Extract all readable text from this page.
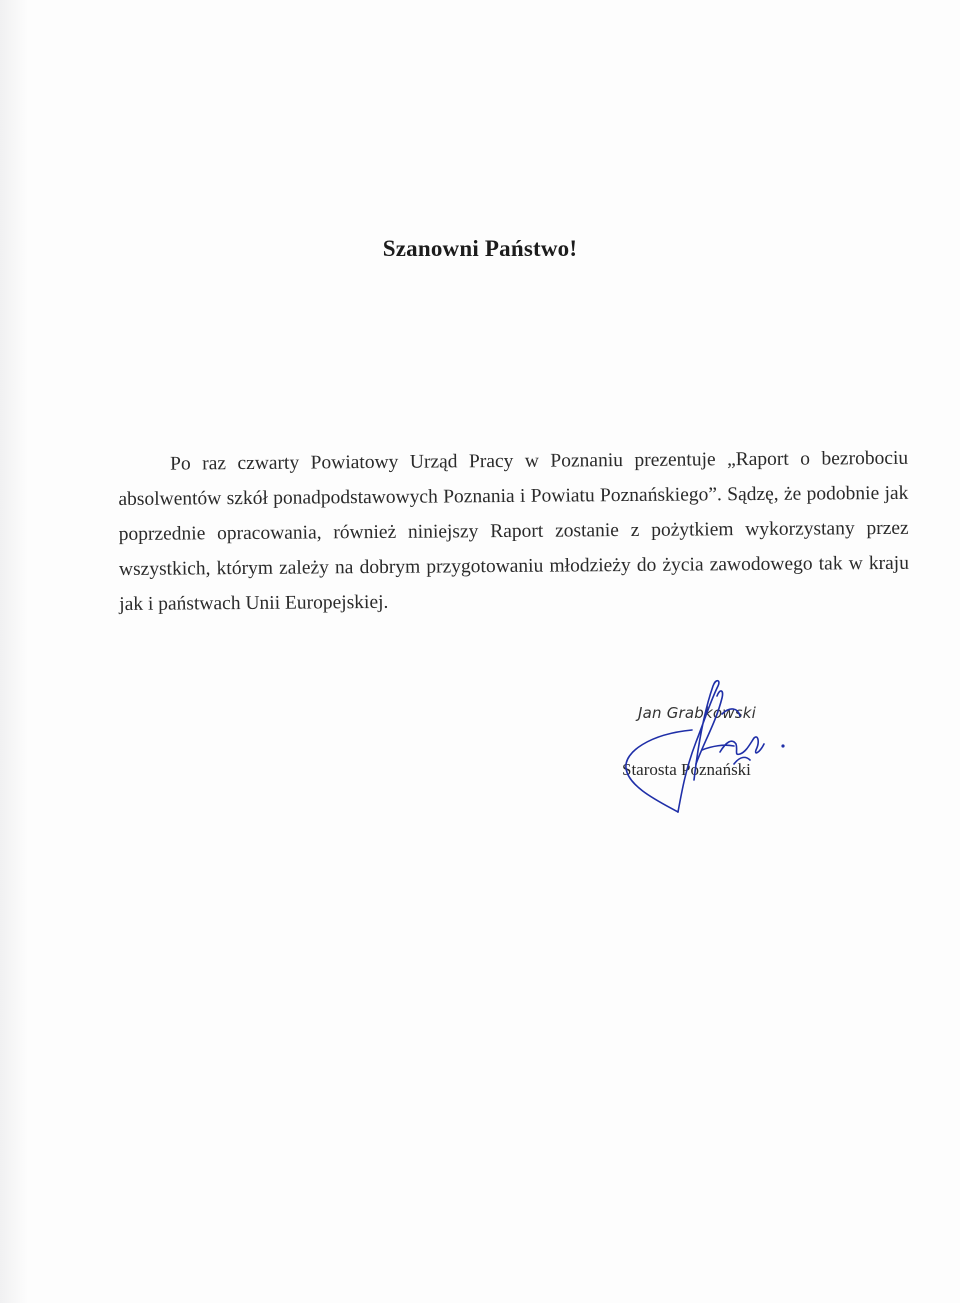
Szanowni Państwo!

Po raz czwarty Powiatowy Urząd Pracy w Poznaniu prezentuje „Raport o bezrobociu absolwentów szkół ponadpodstawowych Poznania i Powiatu Poznańskiego”. Sądzę, że podobnie jak poprzednie opracowania, również niniejszy Raport zostanie z pożytkiem wykorzystany przez wszystkich, którym zależy na dobrym przygotowaniu młodzieży do życia zawodowego tak w kraju jak i państwach Unii Europejskiej.

Jan Grabkowski
Starosta Poznański
